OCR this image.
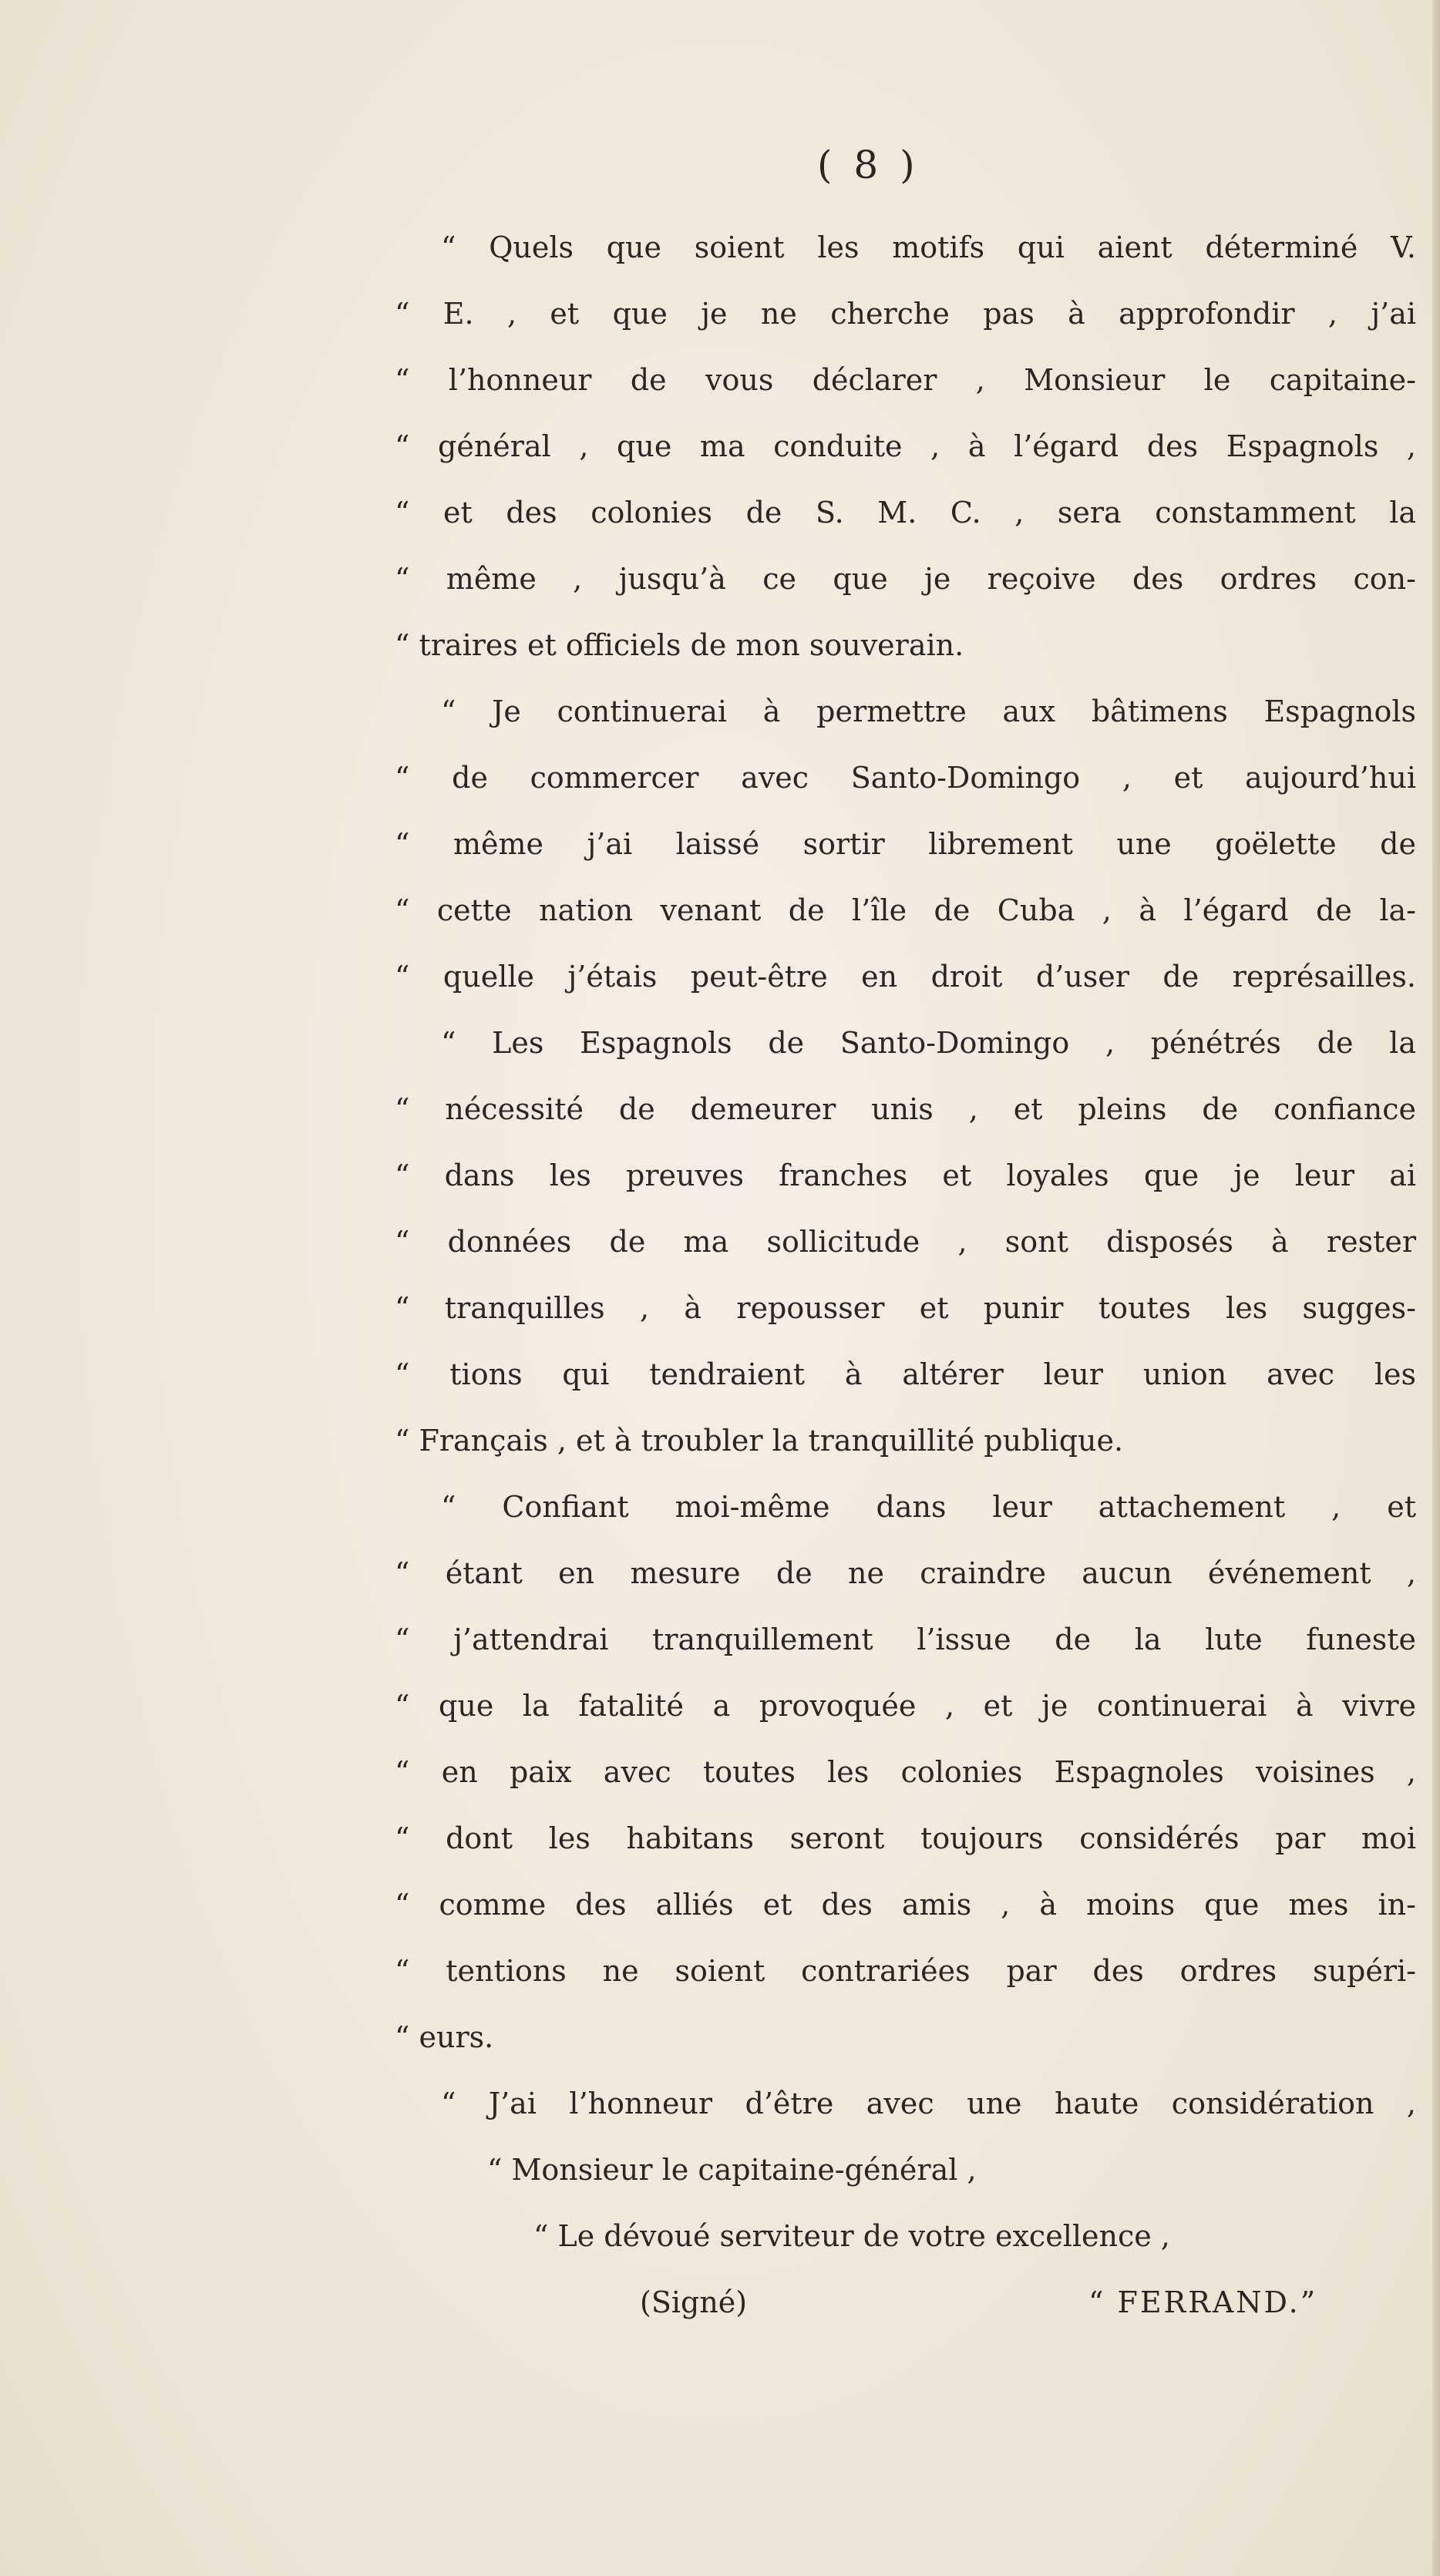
( 8 )
“ Quels que soient les motifs qui aient déterminé V.
“ E. , et que je ne cherche pas à approfondir , j’ai
“ l’honneur de vous déclarer , Monsieur le capitaine-
“ général , que ma conduite , à l’égard des Espagnols ,
“ et des colonies de S. M. C. , sera constamment la
“ même , jusqu’à ce que je reçoive des ordres con-
“ traires et officiels de mon souverain.
“ Je continuerai à permettre aux bâtimens Espagnols
“ de commercer avec Santo-Domingo , et aujourd’hui
“ même j’ai laissé sortir librement une goëlette de
“ cette nation venant de l’île de Cuba , à l’égard de la-
“ quelle j’étais peut-être en droit d’user de représailles.
“ Les Espagnols de Santo-Domingo , pénétrés de la
“ nécessité de demeurer unis , et pleins de confiance
“ dans les preuves franches et loyales que je leur ai
“ données de ma sollicitude , sont disposés à rester
“ tranquilles , à repousser et punir toutes les sugges-
“ tions qui tendraient à altérer leur union avec les
“ Français , et à troubler la tranquillité publique.
“ Confiant moi-même dans leur attachement , et
“ étant en mesure de ne craindre aucun événement ,
“ j’attendrai tranquillement l’issue de la lute funeste
“ que la fatalité a provoquée , et je continuerai à vivre
“ en paix avec toutes les colonies Espagnoles voisines ,
“ dont les habitans seront toujours considérés par moi
“ comme des alliés et des amis , à moins que mes in-
“ tentions ne soient contrariées par des ordres supéri-
“ eurs.
“ J’ai l’honneur d’être avec une haute considération ,
“ Monsieur le capitaine-général ,
“ Le dévoué serviteur de votre excellence ,
(Signé)	“ FERRAND.”
